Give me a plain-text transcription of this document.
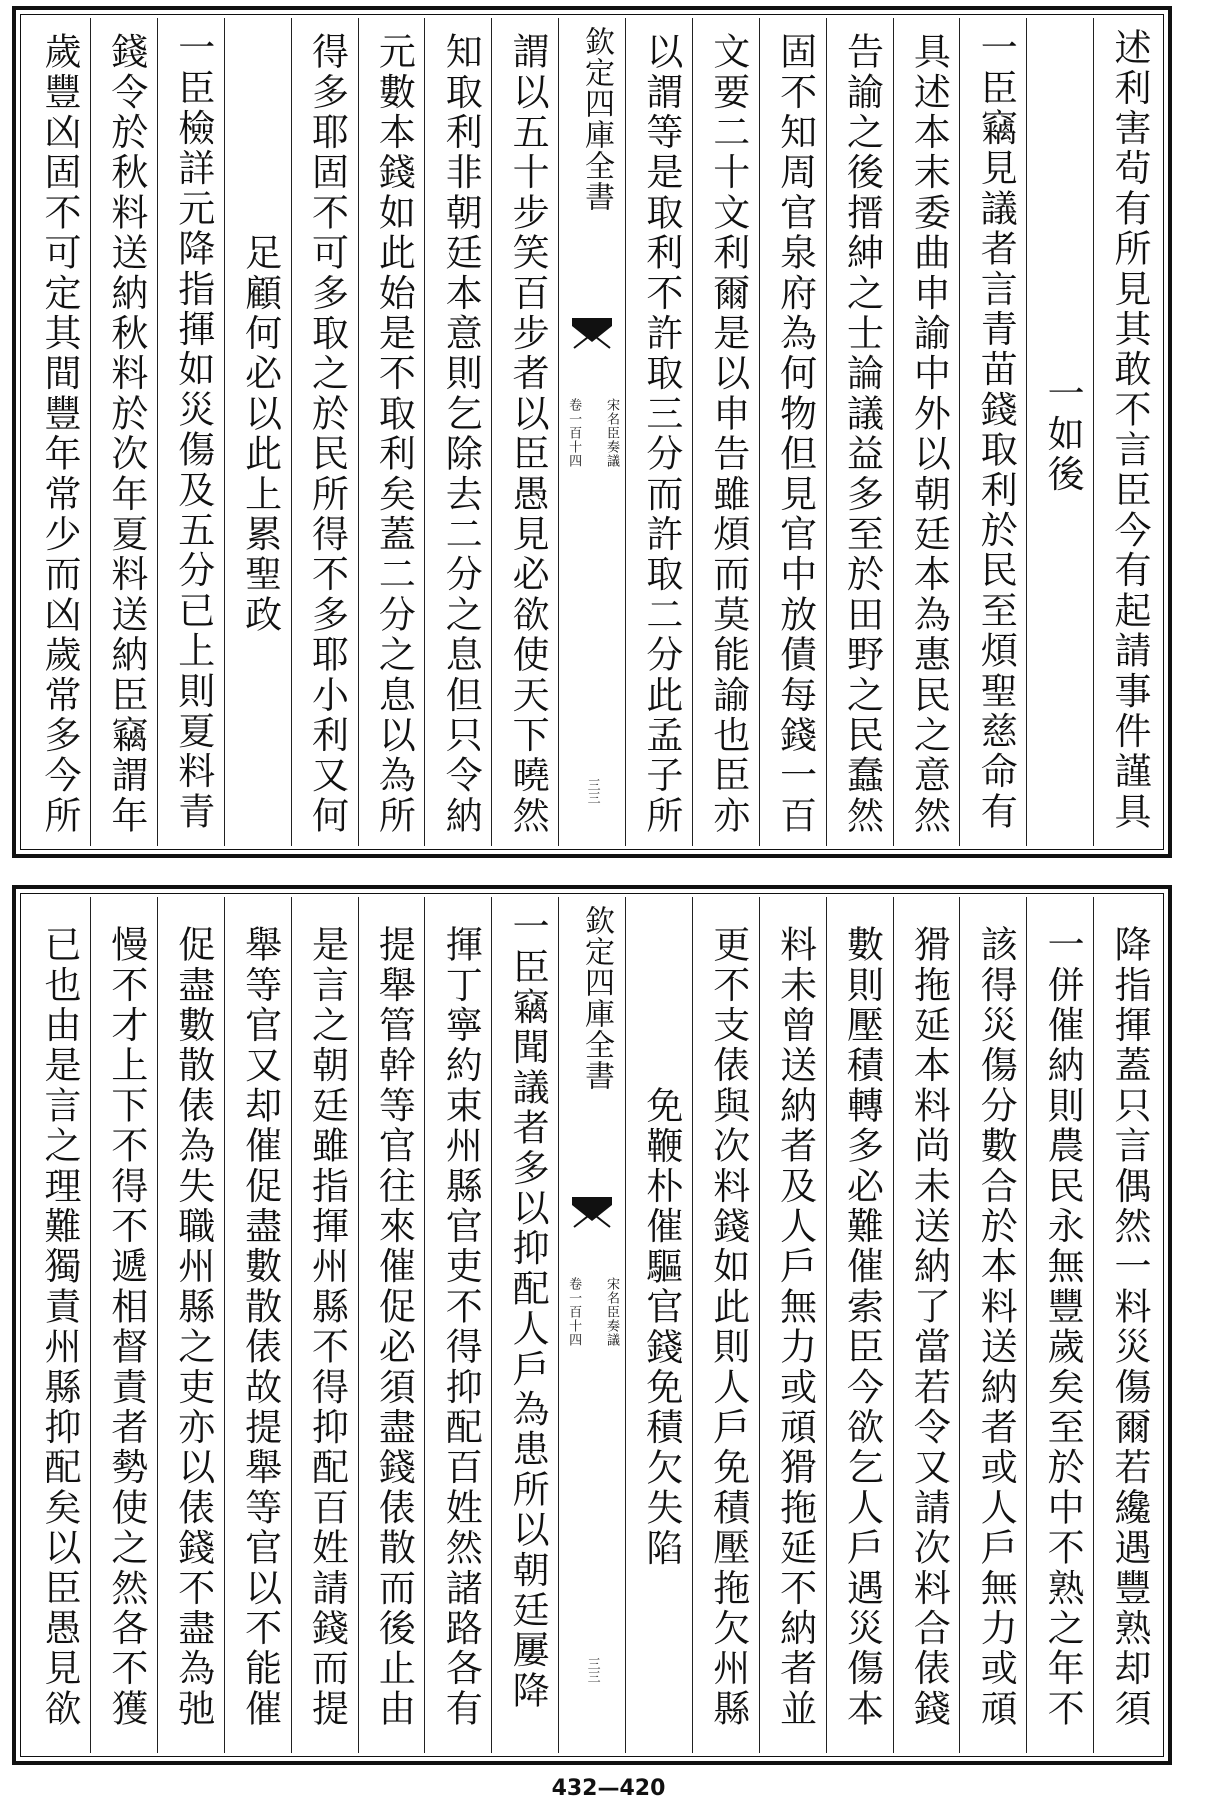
述利害茍有所見其敢不言臣今有起請事件謹具
一如後
一臣竊見議者言青苗錢取利於民至煩聖慈命有
具述本末委曲申諭中外以朝廷本為惠民之意然
告諭之後搢紳之士論議益多至於田野之民蠢然
固不知周官泉府為何物但見官中放債每錢一百
文要二十文利爾是以申告雖煩而莫能諭也臣亦
以謂等是取利不許取三分而許取二分此孟子所
欽定四庫全書
宋名臣奏議
卷一百十四
三三
謂以五十步笑百步者以臣愚見必欲使天下曉然
知取利非朝廷本意則乞除去二分之息但只令納
元數本錢如此始是不取利矣蓋二分之息以為所
得多耶固不可多取之於民所得不多耶小利又何
足顧何必以此上累聖政
一臣檢詳元降指揮如災傷及五分已上則夏料青
錢令於秋料送納秋料於次年夏料送納臣竊謂年
歲豐凶固不可定其間豐年常少而凶歲常多今所
降指揮蓋只言偶然一料災傷爾若纔遇豐熟却須
一併催納則農民永無豐歲矣至於中不熟之年不
該得災傷分數合於本料送納者或人戶無力或頑
猾拖延本料尚未送納了當若令又請次料合俵錢
數則壓積轉多必難催索臣今欲乞人戶遇災傷本
料未曾送納者及人戶無力或頑猾拖延不納者並
更不支俵與次料錢如此則人戶免積壓拖欠州縣
免鞭朴催驅官錢免積欠失陷
欽定四庫全書
宋名臣奏議
卷一百十四
三三
一臣竊聞議者多以抑配人戶為患所以朝廷屢降
揮丁寧約束州縣官吏不得抑配百姓然諸路各有
提舉管幹等官往來催促必須盡錢俵散而後止由
是言之朝廷雖指揮州縣不得抑配百姓請錢而提
舉等官又却催促盡數散俵故提舉等官以不能催
促盡數散俵為失職州縣之吏亦以俵錢不盡為弛
慢不才上下不得不遞相督責者勢使之然各不獲
已也由是言之理難獨責州縣抑配矣以臣愚見欲
432—420
